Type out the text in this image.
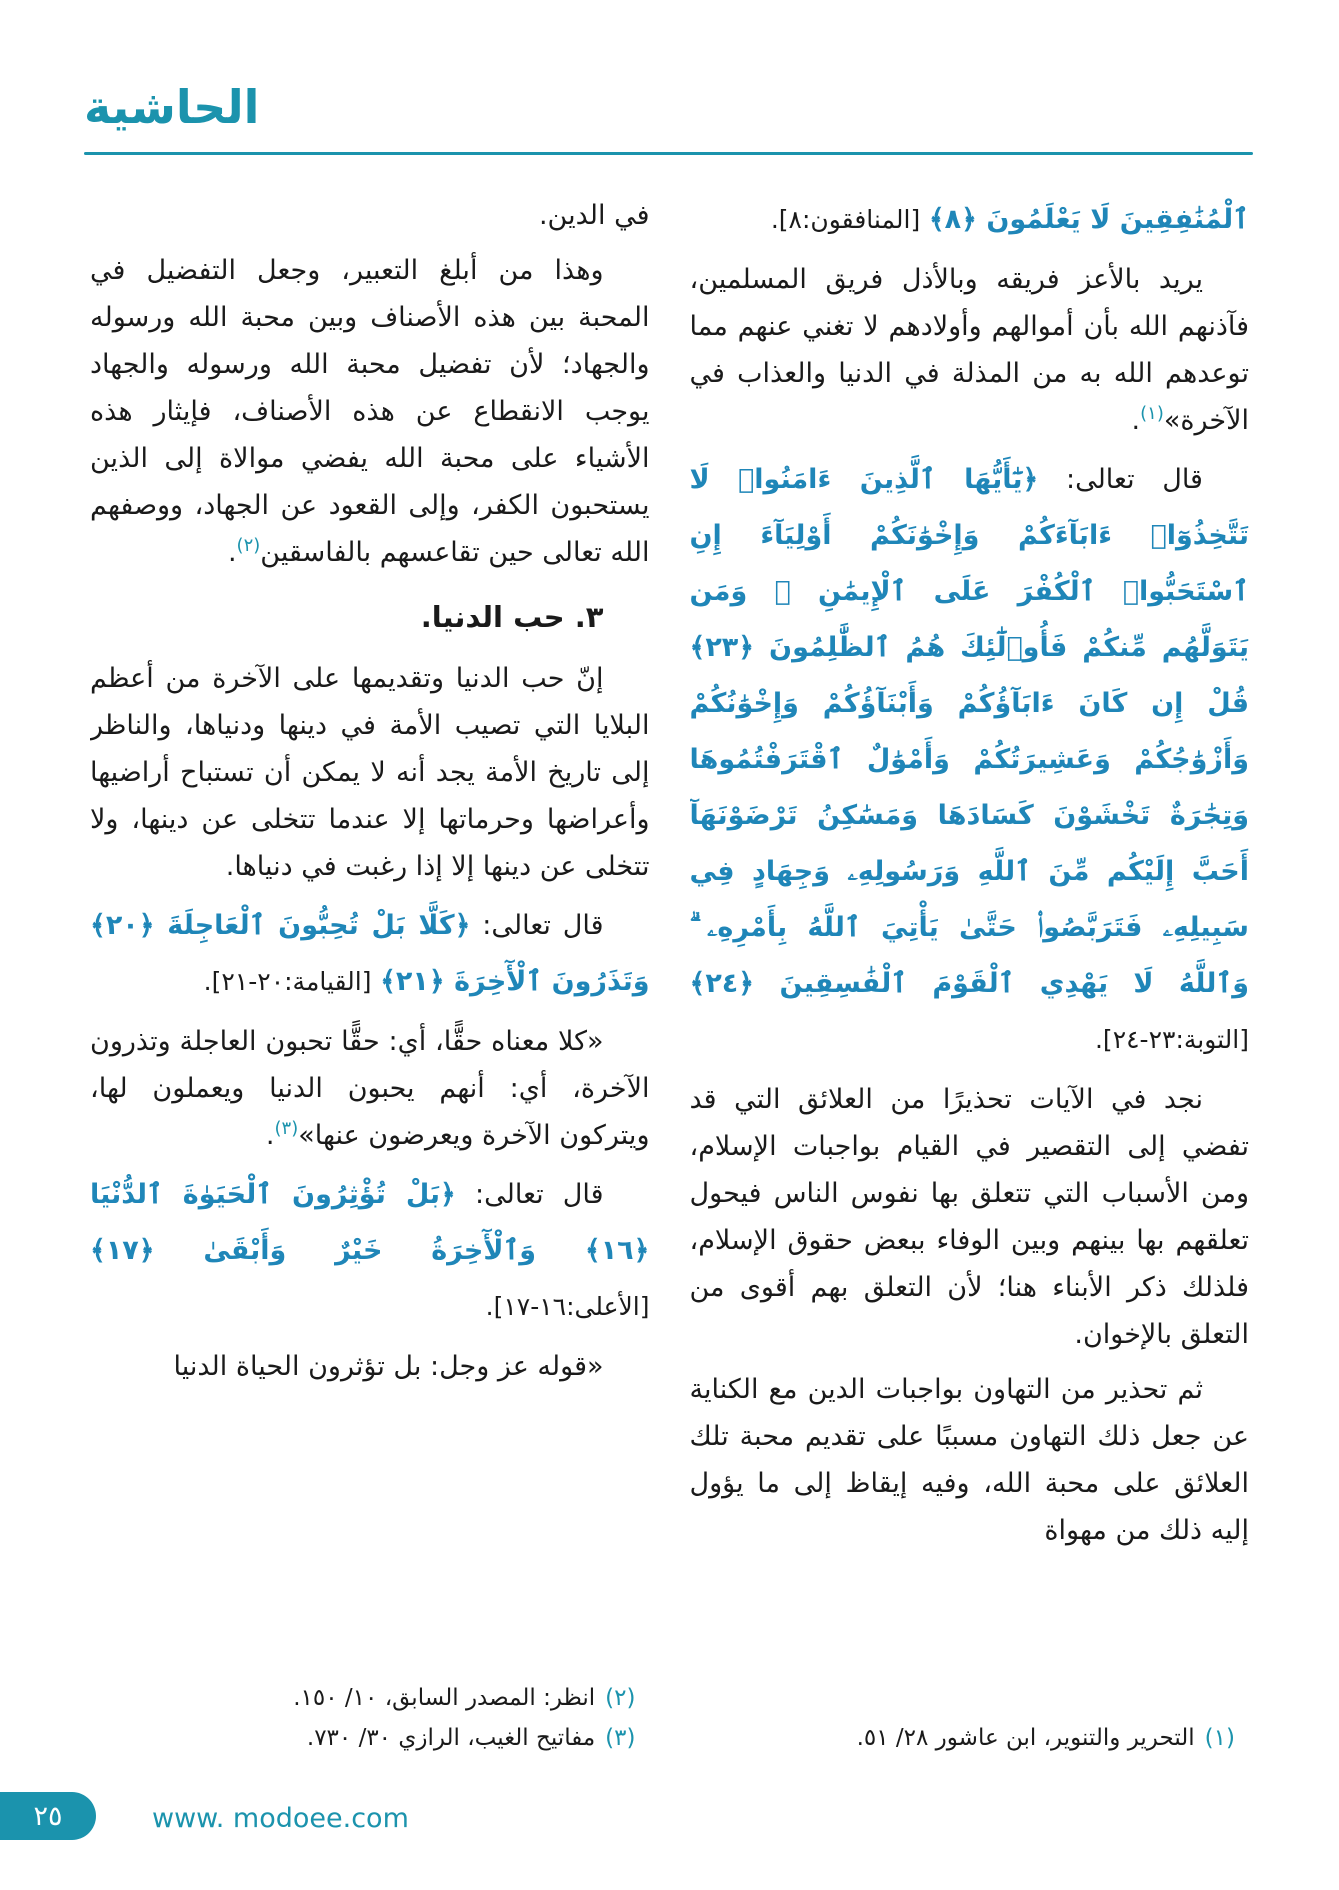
الحاشية

ٱلْمُنَٰفِقِينَ لَا يَعْلَمُونَ ﴿٨﴾ [المنافقون:٨].

يريد بالأعز فريقه وبالأذل فريق المسلمين، فآذنهم الله بأن أموالهم وأولادهم لا تغني عنهم مما توعدهم الله به من المذلة في الدنيا والعذاب في الآخرة»$^{(١)}$.

قال تعالى: ﴿يَٰٓأَيُّهَا ٱلَّذِينَ ءَامَنُوا۟ لَا تَتَّخِذُوٓا۟ ءَابَآءَكُمْ وَإِخْوَٰنَكُمْ أَوْلِيَآءَ إِنِ ٱسْتَحَبُّوا۟ ٱلْكُفْرَ عَلَى ٱلْإِيمَٰنِ ۚ وَمَن يَتَوَلَّهُم مِّنكُمْ فَأُو۟لَٰٓئِكَ هُمُ ٱلظَّٰلِمُونَ ﴿٢٣﴾ قُلْ إِن كَانَ ءَابَآؤُكُمْ وَأَبْنَآؤُكُمْ وَإِخْوَٰنُكُمْ وَأَزْوَٰجُكُمْ وَعَشِيرَتُكُمْ وَأَمْوَٰلٌ ٱقْتَرَفْتُمُوهَا وَتِجَٰرَةٌ تَخْشَوْنَ كَسَادَهَا وَمَسَٰكِنُ تَرْضَوْنَهَآ أَحَبَّ إِلَيْكُم مِّنَ ٱللَّهِ وَرَسُولِهِۦ وَجِهَادٍ فِي سَبِيلِهِۦ فَتَرَبَّصُوا۟ حَتَّىٰ يَأْتِيَ ٱللَّهُ بِأَمْرِهِۦ ۗ وَٱللَّهُ لَا يَهْدِي ٱلْقَوْمَ ٱلْفَٰسِقِينَ ﴿٢٤﴾ [التوبة:٢٣-٢٤].

نجد في الآيات تحذيرًا من العلائق التي قد تفضي إلى التقصير في القيام بواجبات الإسلام، ومن الأسباب التي تتعلق بها نفوس الناس فيحول تعلقهم بها بينهم وبين الوفاء ببعض حقوق الإسلام، فلذلك ذكر الأبناء هنا؛ لأن التعلق بهم أقوى من التعلق بالإخوان.

ثم تحذير من التهاون بواجبات الدين مع الكناية عن جعل ذلك التهاون مسببًا على تقديم محبة تلك العلائق على محبة الله، وفيه إيقاظ إلى ما يؤول إليه ذلك من مهواة

(١)التحرير والتنوير، ابن عاشور ٢٨/ ٥١.

في الدين.

وهذا من أبلغ التعبير، وجعل التفضيل في المحبة بين هذه الأصناف وبين محبة الله ورسوله والجهاد؛ لأن تفضيل محبة الله ورسوله والجهاد يوجب الانقطاع عن هذه الأصناف، فإيثار هذه الأشياء على محبة الله يفضي موالاة إلى الذين يستحبون الكفر، وإلى القعود عن الجهاد، ووصفهم الله تعالى حين تقاعسهم بالفاسقين$^{(٢)}$.

٣. حب الدنيا.

إنّ حب الدنيا وتقديمها على الآخرة من أعظم البلايا التي تصيب الأمة في دينها ودنياها، والناظر إلى تاريخ الأمة يجد أنه لا يمكن أن تستباح أراضيها وأعراضها وحرماتها إلا عندما تتخلى عن دينها، ولا تتخلى عن دينها إلا إذا رغبت في دنياها.

قال تعالى: ﴿كَلَّا بَلْ تُحِبُّونَ ٱلْعَاجِلَةَ ﴿٢٠﴾ وَتَذَرُونَ ٱلْأٓخِرَةَ ﴿٢١﴾ [القيامة:٢٠-٢١].

«كلا معناه حقًّا، أي: حقًّا تحبون العاجلة وتذرون الآخرة، أي: أنهم يحبون الدنيا ويعملون لها، ويتركون الآخرة ويعرضون عنها»$^{(٣)}$.

قال تعالى: ﴿بَلْ تُؤْثِرُونَ ٱلْحَيَوٰةَ ٱلدُّنْيَا ﴿١٦﴾ وَٱلْأٓخِرَةُ خَيْرٌ وَأَبْقَىٰ ﴿١٧﴾ [الأعلى:١٦-١٧].

«قوله عز وجل: بل تؤثرون الحياة الدنيا

(٢)انظر: المصدر السابق، ١٠/ ١٥٠.

(٣)مفاتيح الغيب، الرازي ٣٠/ ٧٣٠.

٢٥	www. modoee.com
